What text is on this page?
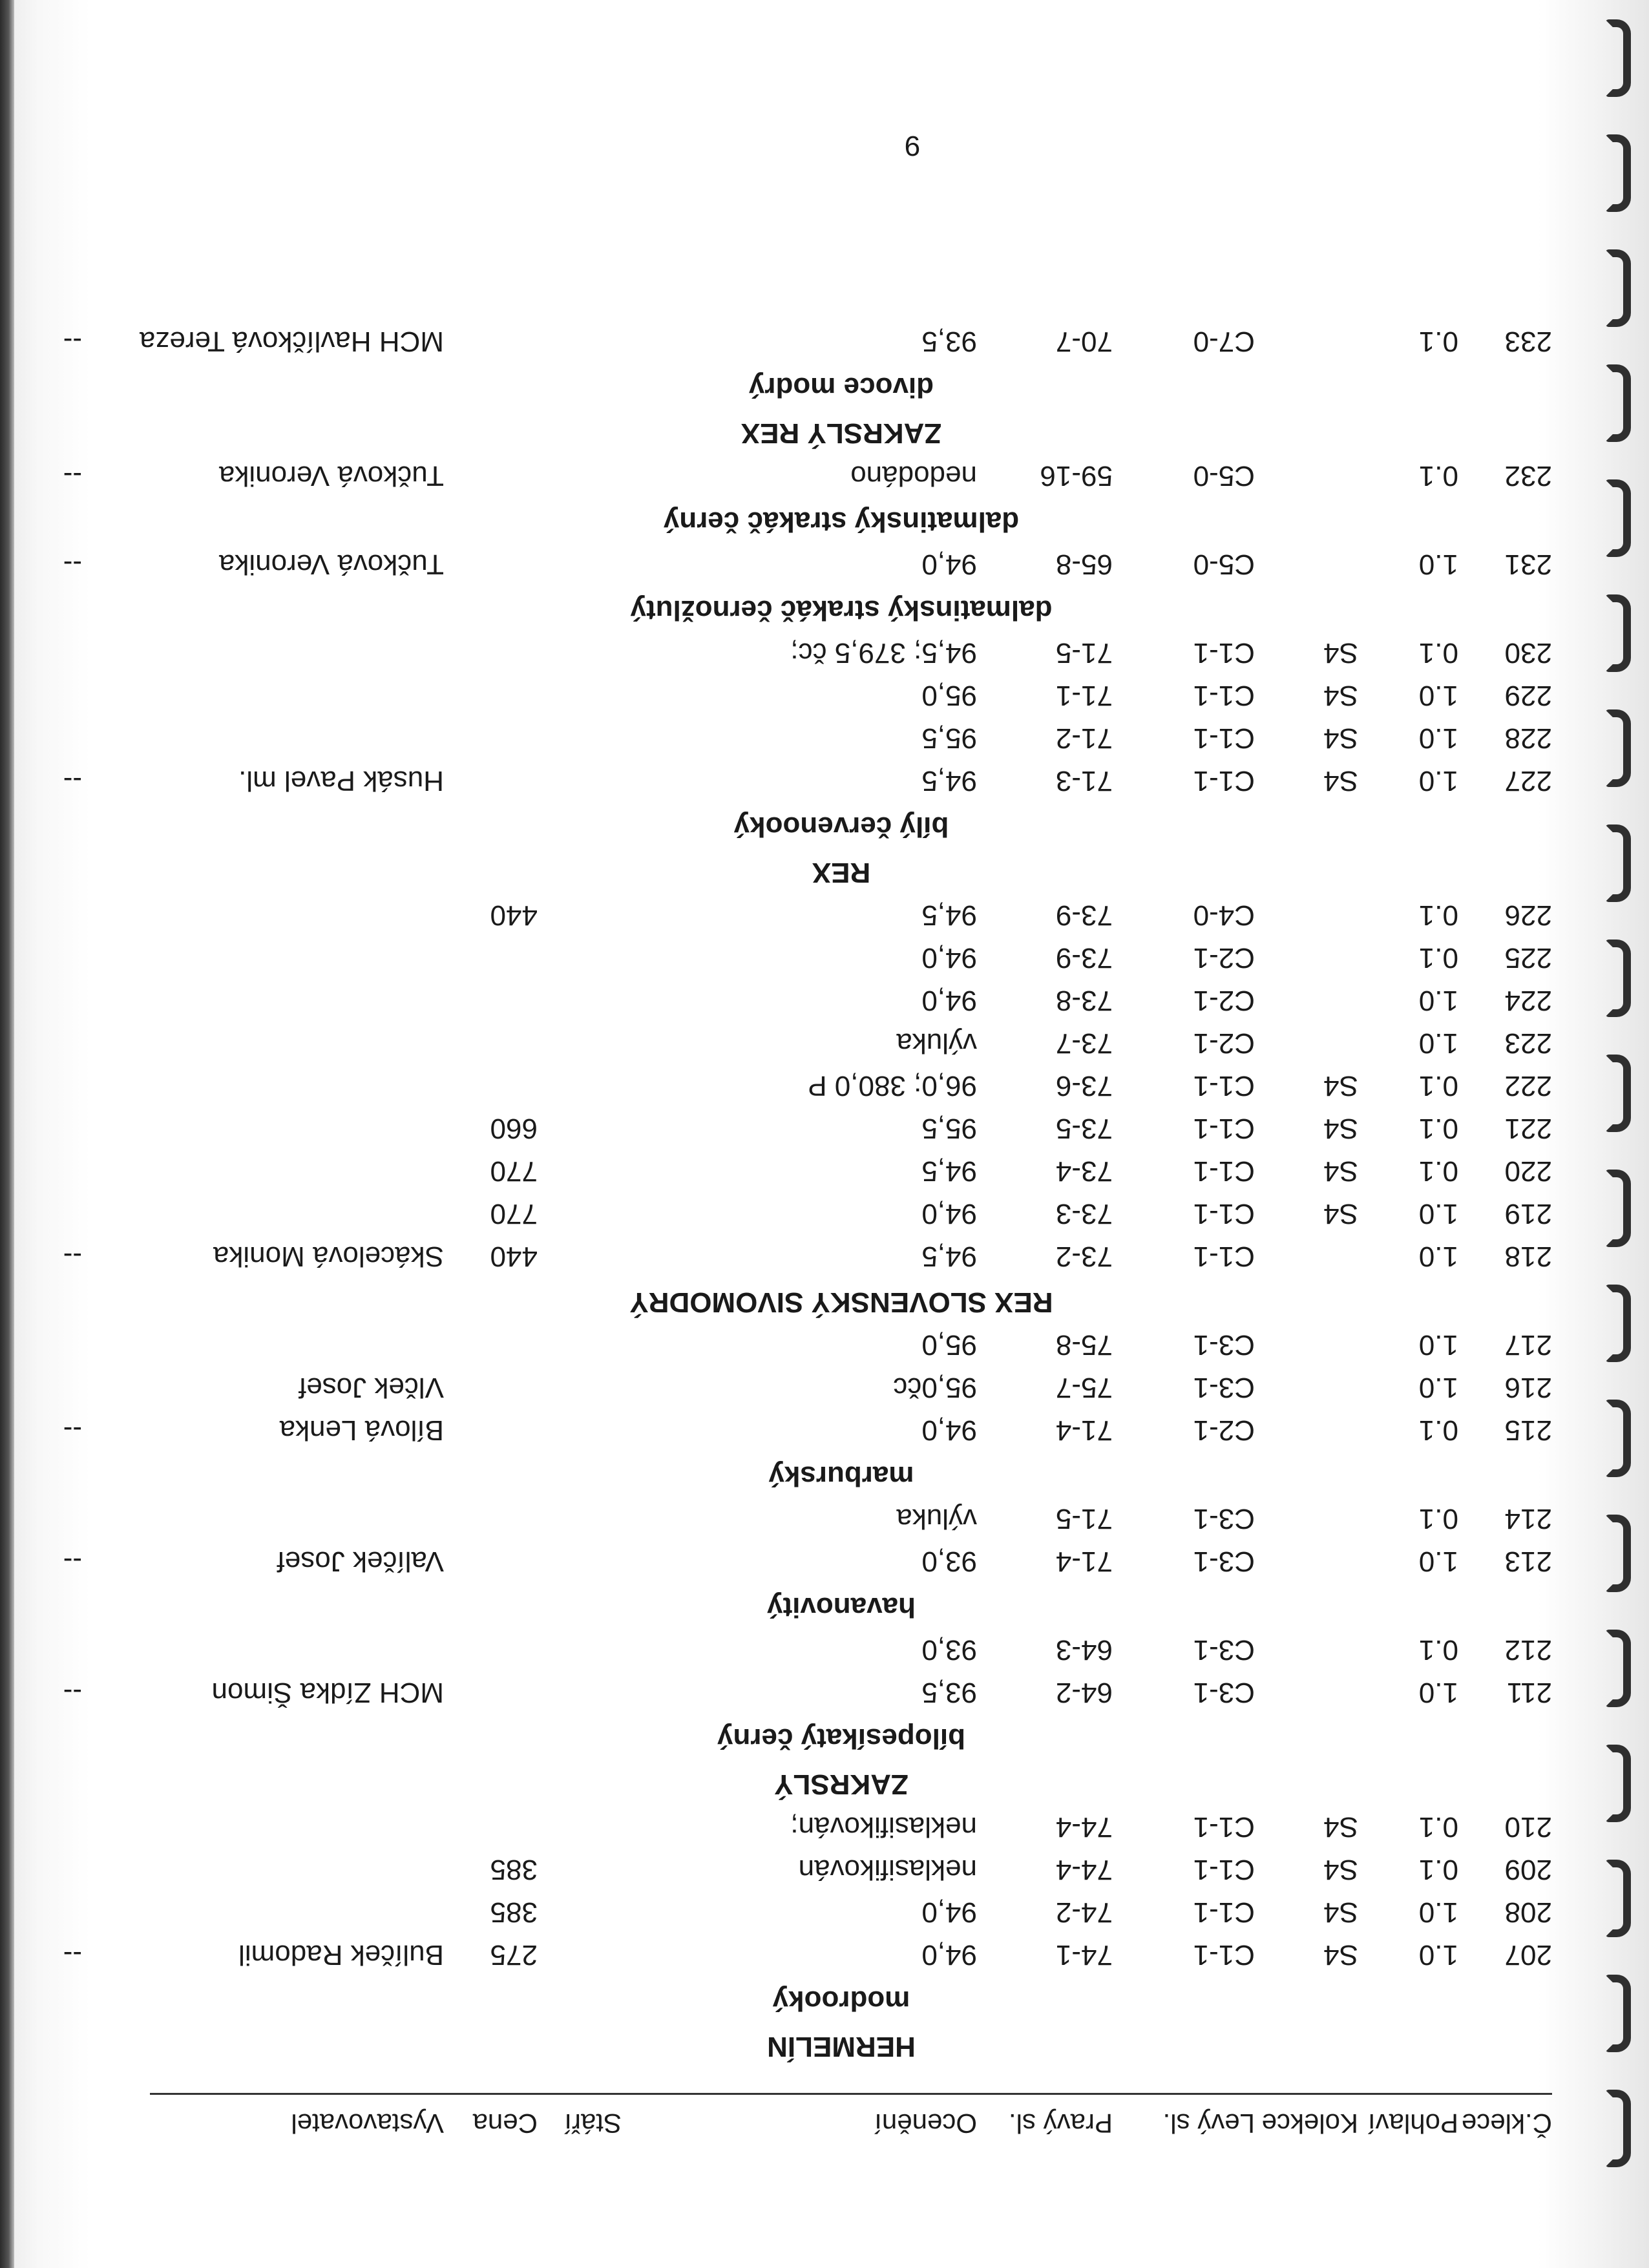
Č.klece
Pohlaví
Kolekce
Levý sl.
Pravý sl.
Ocenění
Stáří
Cena
Vystavovatel
HERMELÍN
modrooký
207
1.0
S4
C1-1
74-1
94,0
275
Bulíček Radomil
--
208
1.0
S4
C1-1
74-2
94,0
385
209
0.1
S4
C1-1
74-4
neklasifikován
385
210
0.1
S4
C1-1
74-4
neklasifikován;
ZAKRSLÝ
bílopesíkatý černý
211
1.0
C3-1
64-2
93,5
MCH Zídka Šimon
--
212
0.1
C3-1
64-3
93,0
havanovitý
213
1.0
C3-1
71-4
93,0
Valíček Josef
--
214
0.1
C3-1
71-5
výluka
marburský
215
0.1
C2-1
71-4
94,0
Bílová Lenka
--
216
1.0
C3-1
75-7
95,0čc
Vlček Josef
217
1.0
C3-1
75-8
95,0
REX SLOVENSKÝ SIVOMODRÝ
218
1.0
C1-1
73-2
94,5
440
Skácelová Monika
--
219
1.0
S4
C1-1
73-3
94,0
770
220
0.1
S4
C1-1
73-4
94,5
770
221
0.1
S4
C1-1
73-5
95,5
660
222
0.1
S4
C1-1
73-6
96,0; 380,0 P
223
1.0
C2-1
73-7
výluka
224
1.0
C2-1
73-8
94,0
225
0.1
C2-1
73-9
94,0
226
0.1
C4-0
73-9
94,5
440
REX
bílý červenooký
227
1.0
S4
C1-1
71-3
94,5
Husák Pavel ml.
--
228
1.0
S4
C1-1
71-2
95,5
229
1.0
S4
C1-1
71-1
95,0
230
0.1
S4
C1-1
71-5
94,5; 379,5 čc;
dalmatinský strakáč černožlutý
231
1.0
C5-0
65-8
94,0
Tučková Veronika
--
dalmatinský strakáč černý
232
0.1
C5-0
59-16
nedodáno
Tučková Veronika
--
ZAKRSLÝ REX
divoce modrý
233
0.1
C7-0
70-7
93,5
MCH Havlíčková Tereza
--
9
